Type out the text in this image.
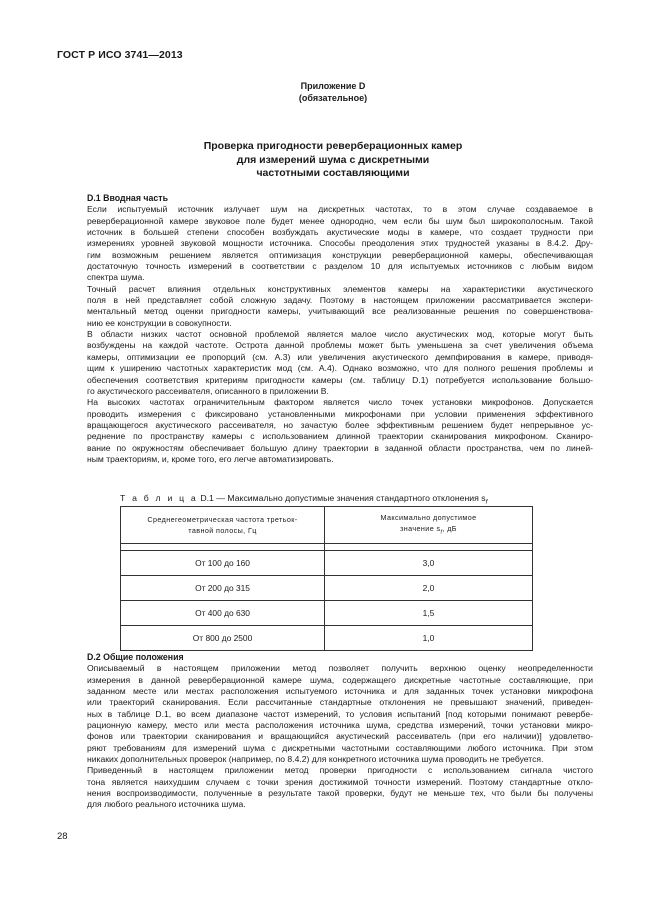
ГОСТ Р ИСО 3741—2013
Приложение D
(обязательное)
Проверка пригодности реверберационных камер
для измерений шума с дискретными
частотными составляющими
D.1 Вводная часть
Если испытуемый источник излучает шум на дискретных частотах, то в этом случае создаваемое в
реверберационной камере звуковое поле будет менее однородно, чем если бы шум был широкополосным. Такой
источник в большей степени способен возбуждать акустические моды в камере, что создает трудности при
измерениях уровней звуковой мощности источника. Способы преодоления этих трудностей указаны в 8.4.2. Дру-
гим возможным решением является оптимизация конструкции реверберационной камеры, обеспечивающая
достаточную точность измерений в соответствии с разделом 10 для испытуемых источников с любым видом
спектра шума.
Точный расчет влияния отдельных конструктивных элементов камеры на характеристики акустического
поля в ней представляет собой сложную задачу. Поэтому в настоящем приложении рассматривается экспери-
ментальный метод оценки пригодности камеры, учитывающий все реализованные решения по совершенствова-
нию ее конструкции в совокупности.
В области низких частот основной проблемой является малое число акустических мод, которые могут быть
возбуждены на каждой частоте. Острота данной проблемы может быть уменьшена за счет увеличения объема
камеры, оптимизации ее пропорций (см. А.3) или увеличения акустического демпфирования в камере, приводя-
щим к уширению частотных характеристик мод (см. А.4). Однако возможно, что для полного решения проблемы и
обеспечения соответствия критериям пригодности камеры (см. таблицу D.1) потребуется использование большо-
го акустического рассеивателя, описанного в приложении В.
На высоких частотах ограничительным фактором является число точек установки микрофонов. Допускается
проводить измерения с фиксировано установленными микрофонами при условии применения эффективного
вращающегося акустического рассеивателя, но зачастую более эффективным решением будет непрерывное ус-
реднение по пространству камеры с использованием длинной траектории сканирования микрофоном. Сканиро-
вание по окружностям обеспечивает большую длину траектории в заданной области пространства, чем по линей-
ным траекториям, и, кроме того, его легче автоматизировать.
Т а б л и ц а D.1 — Максимально допустимые значения стандартного отклонения $s_f$
Среднегеометрическая частота третьок-
тавной полосы, Гц	Максимально допустимое
значение $s_f$, дБ

От 100 до 160	3,0
От 200 до 315	2,0
От 400 до 630	1,5
От 800 до 2500	1,0
D.2 Общие положения
Описываемый в настоящем приложении метод позволяет получить верхнюю оценку неопределенности
измерения в данной реверберационной камере шума, содержащего дискретные частотные составляющие, при
заданном месте или местах расположения испытуемого источника и для заданных точек установки микрофона
или траекторий сканирования. Если рассчитанные стандартные отклонения не превышают значений, приведен-
ных в таблице D.1, во всем диапазоне частот измерений, то условия испытаний [под которыми понимают ревербе-
рационную камеру, место или места расположения источника шума, средства измерений, точки установки микро-
фонов или траектории сканирования и вращающийся акустический рассеиватель (при его наличии)] удовлетво-
ряют требованиям для измерений шума с дискретными частотными составляющими любого источника. При этом
никаких дополнительных проверок (например, по 8.4.2) для конкретного источника шума проводить не требуется.
Приведенный в настоящем приложении метод проверки пригодности с использованием сигнала чистого
тона является наихудшим случаем с точки зрения достижимой точности измерений. Поэтому стандартные откло-
нения воспроизводимости, полученные в результате такой проверки, будут не меньше тех, что были бы получены
для любого реального источника шума.
28
